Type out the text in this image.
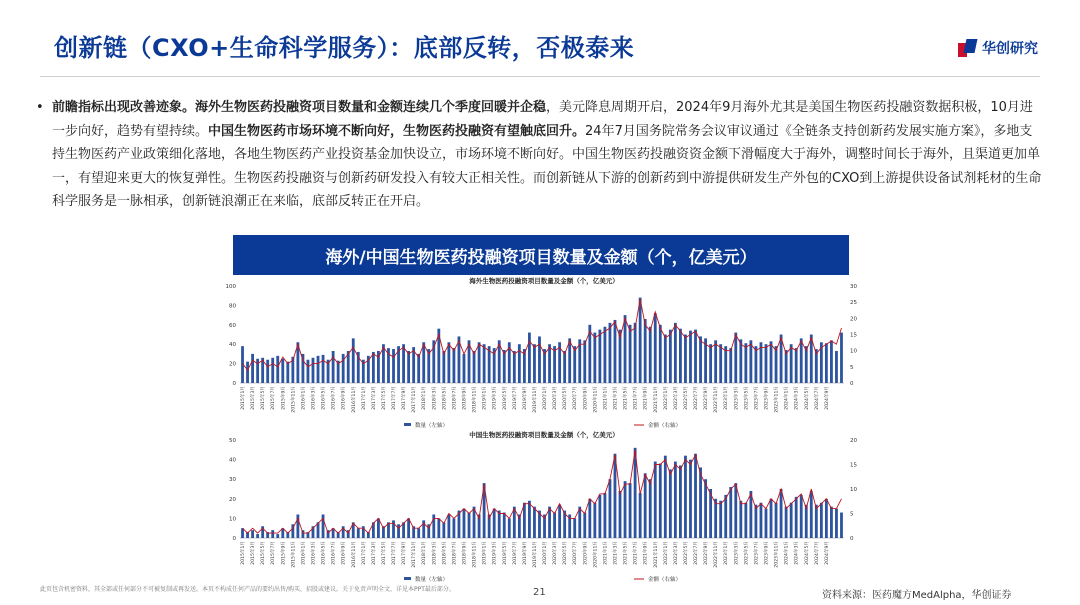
创新链（CXO+生命科学服务）：底部反转，否极泰来	华创研究
• 前瞻指标出现改善迹象。海外生物医药投融资项目数量和金额连续几个季度回暖并企稳，美元降息周期开启，2024年9月海外尤其是美国生物医药投融资数据积极，10月进一步向好，趋势有望持续。中国生物医药市场环境不断向好，生物医药投融资有望触底回升。24年7月国务院常务会议审议通过《全链条支持创新药发展实施方案》，多地支持生物医药产业政策细化落地，各地生物医药产业投资基金加快设立，市场环境不断向好。中国生物医药投融资资金额下滑幅度大于海外，调整时间长于海外，且渠道更加单一，有望迎来更大的恢复弹性。生物医药投融资与创新药研发投入有较大正相关性。而创新链从下游的创新药到中游提供研发生产外包的CXO到上游提供设备试剂耗材的生命科学服务是一脉相承，创新链浪潮正在来临，底部反转正在开启。
海外/中国生物医药投融资项目数量及金额（个，亿美元）
海外生物医药投融资项目数量及金额（个，亿美元）
100
80
60
40
20
0
30
25
20
15
10
5
0
2015年1月	2015年3月	2015年5月	2015年7月	2015年9月	2015年11月	2016年1月	2016年3月	2016年5月	2016年7月	2016年9月	2016年11月	2017年1月	2017年3月	2017年5月	2017年7月	2017年9月	2017年11月	2018年1月	2018年3月	2018年5月	2018年7月	2018年9月	2018年11月	2019年1月	2019年3月	2019年5月	2019年7月	2019年9月	2019年11月	2020年1月	2020年3月	2020年5月	2020年7月	2020年9月	2020年11月	2021年1月	2021年3月	2021年5月	2021年7月	2021年9月	2021年11月	2022年1月	2022年3月	2022年5月	2022年7月	2022年9月	2022年11月	2023年1月	2023年3月	2023年5月	2023年7月	2023年9月	2023年11月	2024年1月	2024年3月	2024年5月	2024年7月	2024年9月
数量（左轴）	金额（右轴）
中国生物医药投融资项目数量及金额（个，亿美元）
50
40
30
20
10
0
20
15
10
5
0
2015年1月	2015年3月	2015年5月	2015年7月	2015年9月	2015年11月	2016年1月	2016年3月	2016年5月	2016年7月	2016年9月	2016年11月	2017年1月	2017年3月	2017年5月	2017年7月	2017年9月	2017年11月	2018年1月	2018年3月	2018年5月	2018年7月	2018年9月	2018年11月	2019年1月	2019年3月	2019年5月	2019年7月	2019年9月	2019年11月	2020年1月	2020年3月	2020年5月	2020年7月	2020年9月	2020年11月	2021年1月	2021年3月	2021年5月	2021年7月	2021年9月	2021年11月	2022年1月	2022年3月	2022年5月	2022年7月	2022年9月	2022年11月	2023年1月	2023年3月	2023年5月	2023年7月	2023年9月	2023年11月	2024年1月	2024年3月	2024年5月	2024年7月	2024年9月
数量（左轴）	金额（右轴）
此页包含机密资料，其全部或任何部分不可被复制或再发送。本页不构成任何产品的要约出售/购买，招股或建议。关于免责声明全文，详见本PPT最后部分。	21	资料来源：医药魔方MedAlpha，华创证券
